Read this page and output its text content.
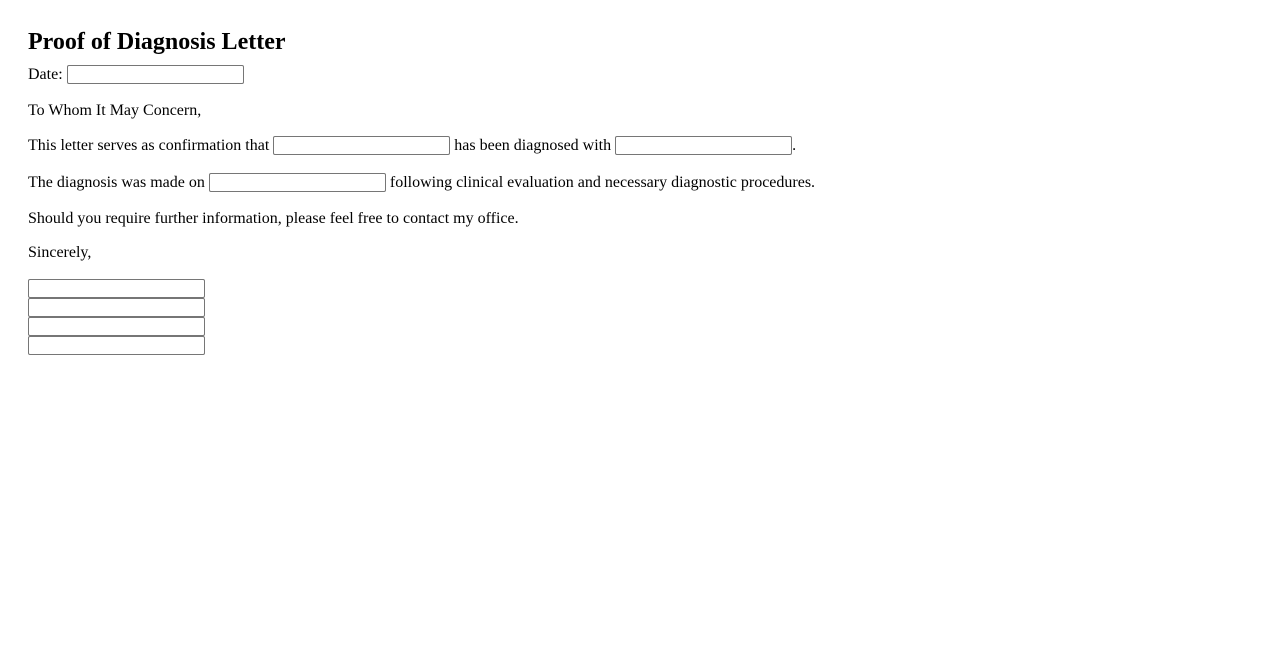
Proof of Diagnosis Letter

Date:

To Whom It May Concern,

This letter serves as confirmation that	has been diagnosed with	.

The diagnosis was made on	following clinical evaluation and necessary diagnostic procedures.

Should you require further information, please feel free to contact my office.

Sincerely,
